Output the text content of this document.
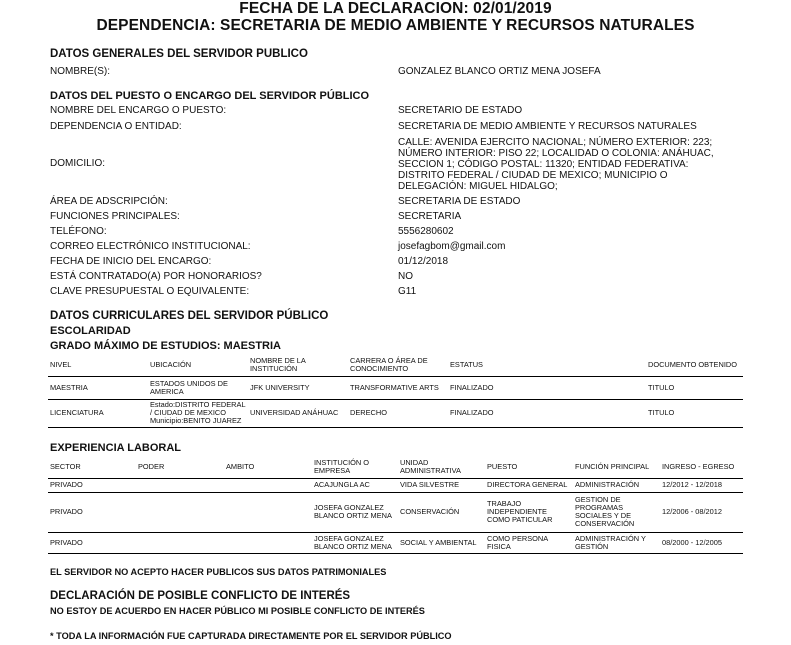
FECHA DE LA DECLARACION: 02/01/2019
DEPENDENCIA: SECRETARIA DE MEDIO AMBIENTE Y RECURSOS NATURALES
DATOS GENERALES DEL SERVIDOR PUBLICO
NOMBRE(S):	GONZALEZ BLANCO ORTIZ MENA JOSEFA
DATOS DEL PUESTO O ENCARGO DEL SERVIDOR PÚBLICO
NOMBRE DEL ENCARGO O PUESTO:	SECRETARIO DE ESTADO
DEPENDENCIA O ENTIDAD:	SECRETARIA DE MEDIO AMBIENTE Y RECURSOS NATURALES
DOMICILIO:
CALLE: AVENIDA EJERCITO NACIONAL; NÚMERO EXTERIOR: 223; NÚMERO INTERIOR: PISO 22; LOCALIDAD O COLONIA: ANÁHUAC, SECCION 1; CÓDIGO POSTAL: 11320; ENTIDAD FEDERATIVA: DISTRITO FEDERAL / CIUDAD DE MEXICO; MUNICIPIO O DELEGACIÓN: MIGUEL HIDALGO;
ÁREA DE ADSCRIPCIÓN:	SECRETARIA DE ESTADO
FUNCIONES PRINCIPALES:	SECRETARIA
TELÉFONO:	5556280602
CORREO ELECTRÓNICO INSTITUCIONAL:	josefagbom@gmail.com
FECHA DE INICIO DEL ENCARGO:	01/12/2018
ESTÁ CONTRATADO(A) POR HONORARIOS?	NO
CLAVE PRESUPUESTAL O EQUIVALENTE:	G11
DATOS CURRICULARES DEL SERVIDOR PÚBLICO
ESCOLARIDAD
GRADO MÁXIMO DE ESTUDIOS: MAESTRIA
NIVEL	UBICACIÓN	NOMBRE DE LA INSTITUCIÓN	CARRERA O ÁREA DE CONOCIMIENTO	ESTATUS	DOCUMENTO OBTENIDO
MAESTRIA	ESTADOS UNIDOS DE AMERICA	JFK UNIVERSITY	TRANSFORMATIVE ARTS	FINALIZADO	TITULO
LICENCIATURA	Estado:DISTRITO FEDERAL / CIUDAD DE MEXICO Municipio:BENITO JUAREZ	UNIVERSIDAD ANÁHUAC	DERECHO	FINALIZADO	TITULO
EXPERIENCIA LABORAL
SECTOR	PODER	AMBITO	INSTITUCIÓN O EMPRESA	UNIDAD ADMINISTRATIVA	PUESTO	FUNCIÓN PRINCIPAL	INGRESO - EGRESO
PRIVADO			ACAJUNGLA AC	VIDA SILVESTRE	DIRECTORA GENERAL	ADMINISTRACIÓN	12/2012 - 12/2018
PRIVADO			JOSEFA GONZALEZ BLANCO ORTIZ MENA	CONSERVACIÓN	TRABAJO INDEPENDIENTE COMO PATICULAR	GESTION DE PROGRAMAS SOCIALES Y DE CONSERVACIÓN	12/2006 - 08/2012
PRIVADO			JOSEFA GONZALEZ BLANCO ORTIZ MENA	SOCIAL Y AMBIENTAL	COMO PERSONA FISICA	ADMINISTRACIÓN Y GESTIÓN	08/2000 - 12/2005
EL SERVIDOR NO ACEPTO HACER PUBLICOS SUS DATOS PATRIMONIALES
DECLARACIÓN DE POSIBLE CONFLICTO DE INTERÉS
NO ESTOY DE ACUERDO EN HACER PÚBLICO MI POSIBLE CONFLICTO DE INTERÉS
* TODA LA INFORMACIÓN FUE CAPTURADA DIRECTAMENTE POR EL SERVIDOR PÚBLICO
